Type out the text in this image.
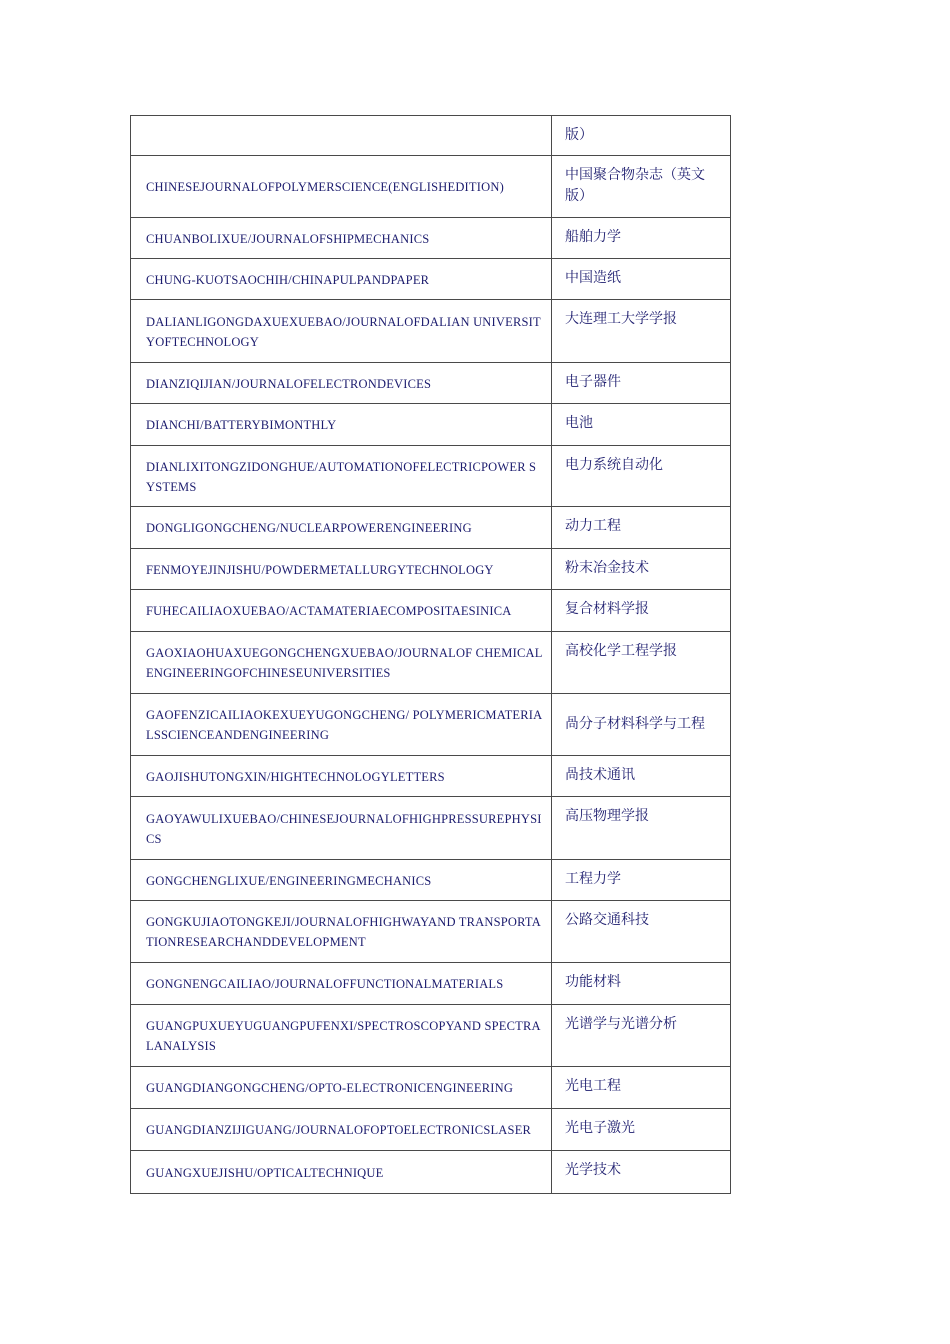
	版）
CHINESEJOURNALOFPOLYMERSCIENCE(ENGLISHEDITION)	中国聚合物杂志（英文版）
CHUANBOLIXUE/JOURNALOFSHIPMECHANICS	船舶力学
CHUNG-KUOTSAOCHIH/CHINAPULPANDPAPER	中国造纸
DALIANLIGONGDAXUEXUEBAO/JOURNALOFDALIAN UNIVERSITYOFTECHNOLOGY	大连理工大学学报
DIANZIQIJIAN/JOURNALOFELECTRONDEVICES	电子器件
DIANCHI/BATTERYBIMONTHLY	电池
DIANLIXITONGZIDONGHUE/AUTOMATIONOFELECTRICPOWER SYSTEMS	电力系统自动化
DONGLIGONGCHENG/NUCLEARPOWERENGINEERING	动力工程
FENMOYEJINJISHU/POWDERMETALLURGYTECHNOLOGY	粉末冶金技术
FUHECAILIAOXUEBAO/ACTAMATERIAECOMPOSITAESINICA	复合材料学报
GAOXIAOHUAXUEGONGCHENGXUEBAO/JOURNALOF CHEMICALENGINEERINGOFCHINESEUNIVERSITIES	高校化学工程学报
GAOFENZICAILIAOKEXUEYUGONGCHENG/ POLYMERICMATERIALSSCIENCEANDENGINEERING	咼分子材料科学与工程
GAOJISHUTONGXIN/HIGHTECHNOLOGYLETTERS	咼技术通讯
GAOYAWULIXUEBAO/CHINESEJOURNALOFHIGHPRESSUREPHYSICS	高压物理学报
GONGCHENGLIXUE/ENGINEERINGMECHANICS	工程力学
GONGKUJIAOTONGKEJI/JOURNALOFHIGHWAYAND TRANSPORTATIONRESEARCHANDDEVELOPMENT	公路交通科技
GONGNENGCAILIAO/JOURNALOFFUNCTIONALMATERIALS	功能材料
GUANGPUXUEYUGUANGPUFENXI/SPECTROSCOPYAND SPECTRALANALYSIS	光谱学与光谱分析
GUANGDIANGONGCHENG/OPTO-ELECTRONICENGINEERING	光电工程
GUANGDIANZIJIGUANG/JOURNALOFOPTOELECTRONICSLASER	光电子激光
GUANGXUEJISHU/OPTICALTECHNIQUE	光学技术
